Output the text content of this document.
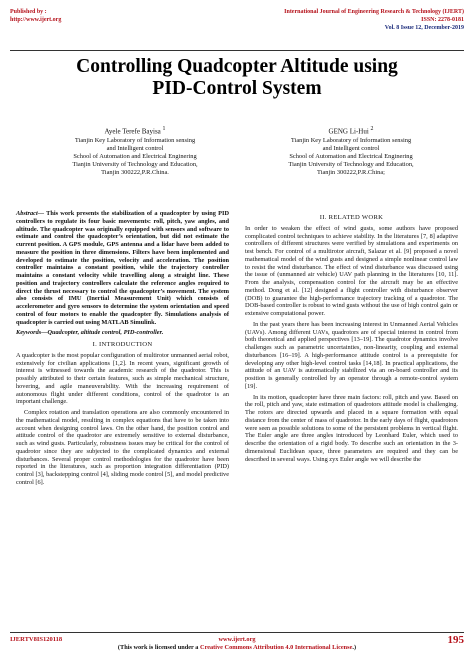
Published by :
http://www.ijert.org
International Journal of Engineering Research & Technology (IJERT)
ISSN: 2278-0181
Vol. 8 Issue 12, December-2019
Controlling Quadcopter Altitude using
PID-Control System
Ayele Terefe Bayisa $^1$
Tianjin Key Laboratory of Information sensing
and Intelligent control
School of Automation and Electrical Enginering
Tianjin University of Technology and Education,
Tianjin 300222,P.R.China.
GENG Li-Hui $^2$
Tianjin Key Laboratory of Information sensing
and Intelligent control
School of Automation and Electrical Enginering
Tianjin University of Technology and Education,
Tianjin 300222,P.R.China;

Abstract— This work presents the stabilization of a quadcopter by using PID controllers to regulate its four basic movements: roll, pitch, yaw angles, and altitude. The quadcopter was originally equipped with sensors and software to estimate and control the quadcopter’s orientation, but did not estimate the current position. A GPS module, GPS antenna and a lidar have been added to measure the position in three dimensions. Filters have been implemented and developed to estimate the position, velocity and acceleration. The position controller maintains a constant position, while the trajectory controller maintains a constant velocity while travelling along a straight line. These position and trajectory controllers calculate the reference angles required to direct the thrust necessary to control the quadcopter’s movement. The system also consists of IMU (Inertial Measurement Unit) which consists of accelerometer and gyro sensors to determine the system orientation and speed control of four motors to enable the quadcopter fly. Simulations analysis of quadcopter is carried out using MATLAB Simulink.

Keywords—Quadcopter, altitude control, PID-controller.

I. INTRODUCTION

A quadcopter is the most popular configuration of multirotor unmanned aerial robot, extensively for civilian applications [1,2]. In recent years, significant growth of interest is witnessed towards the academic research of the quadrotor. This is possibly attributed to their certain features, such as simple mechanical structure, hovering, and agile maneuverability. With the increasing requirement of autonomous flight under different conditions, control of the quadrotor is an important challenge.

Complex rotation and translation operations are also commonly encountered in the mathematical model, resulting in complex equations that have to be taken into account when designing control laws. On the other hand, the position control and attitude control of the quadrotor are extremely sensitive to external disturbance, such as wind gusts. Particularly, robustness issues may be critical for the control of quadrotor since they are subjected to the complicated dynamics and external disturbances. Several proper control methodologies for the quadrotor have been reported in the literatures, such as proportion integration differentiation (PID) control [3], backstepping control [4], sliding mode control [5], and model predictive control [6].

II. RELATED WORK

In order to weaken the effect of wind gusts, some authors have proposed complicated control techniques to achieve stability. In the literatures [7, 8] adaptive controllers of different structures were verified by simulations and experiments on test bench. For control of a multirotor aircraft, Salazar et al. [9] proposed a novel mathematical model of the wind gusts and designed a simple nonlinear control law to resist the wind disturbance. The effect of wind disturbance was discussed using the issue of (unmanned air vehicle) UAV path planning in the literatures [10, 11]. From the analysis, compensation control for the aircraft may be an effective method. Dong et al. [12] designed a flight controller with disturbance observer (DOB) to guarantee the high-performance trajectory tracking of a quadrotor. The DOB-based controller is robust to wind gusts without the use of high control gain or extensive computational power.

In the past years there has been increasing interest in Unmanned Aerial Vehicles (UAVs). Among different UAVs, quadrotors are of special interest in control from both theoretical and applied perspectives [13–19]. The quadrotor dynamics involve challenges such as parametric uncertainties, non-linearity, coupling and external disturbances [16–19]. A high-performance attitude control is a prerequisite for developing any other high-level control tasks [14,18]. In practical applications, the attitude of an UAV is automatically stabilized via an on-board controller and its position is generally controlled by an operator through a remote-control system [19].

In its motion, quadcopter have three main factors: roll, pitch and yaw. Based on the roll, pitch and yaw, state estimation of quadrotors attitude model is challenging. The rotors are directed upwards and placed in a square formation with equal distance from the center of mass of quadrotor. In the early days of flight, quadrotors were seen as possible solutions to some of the persistent problems in vertical flight. The Euler angle are three angles introduced by Leonhard Euler, which used to describe the orientation of a rigid body. To describe such an orientation in the 3-dimensional Euclidean space, three parameters are required and they can be described in several ways. Using zyx Euler angle we will describe the

IJERTV8IS120118	www.ijert.org
(This work is licensed under a Creative Commons Attribution 4.0 International License.)
195
